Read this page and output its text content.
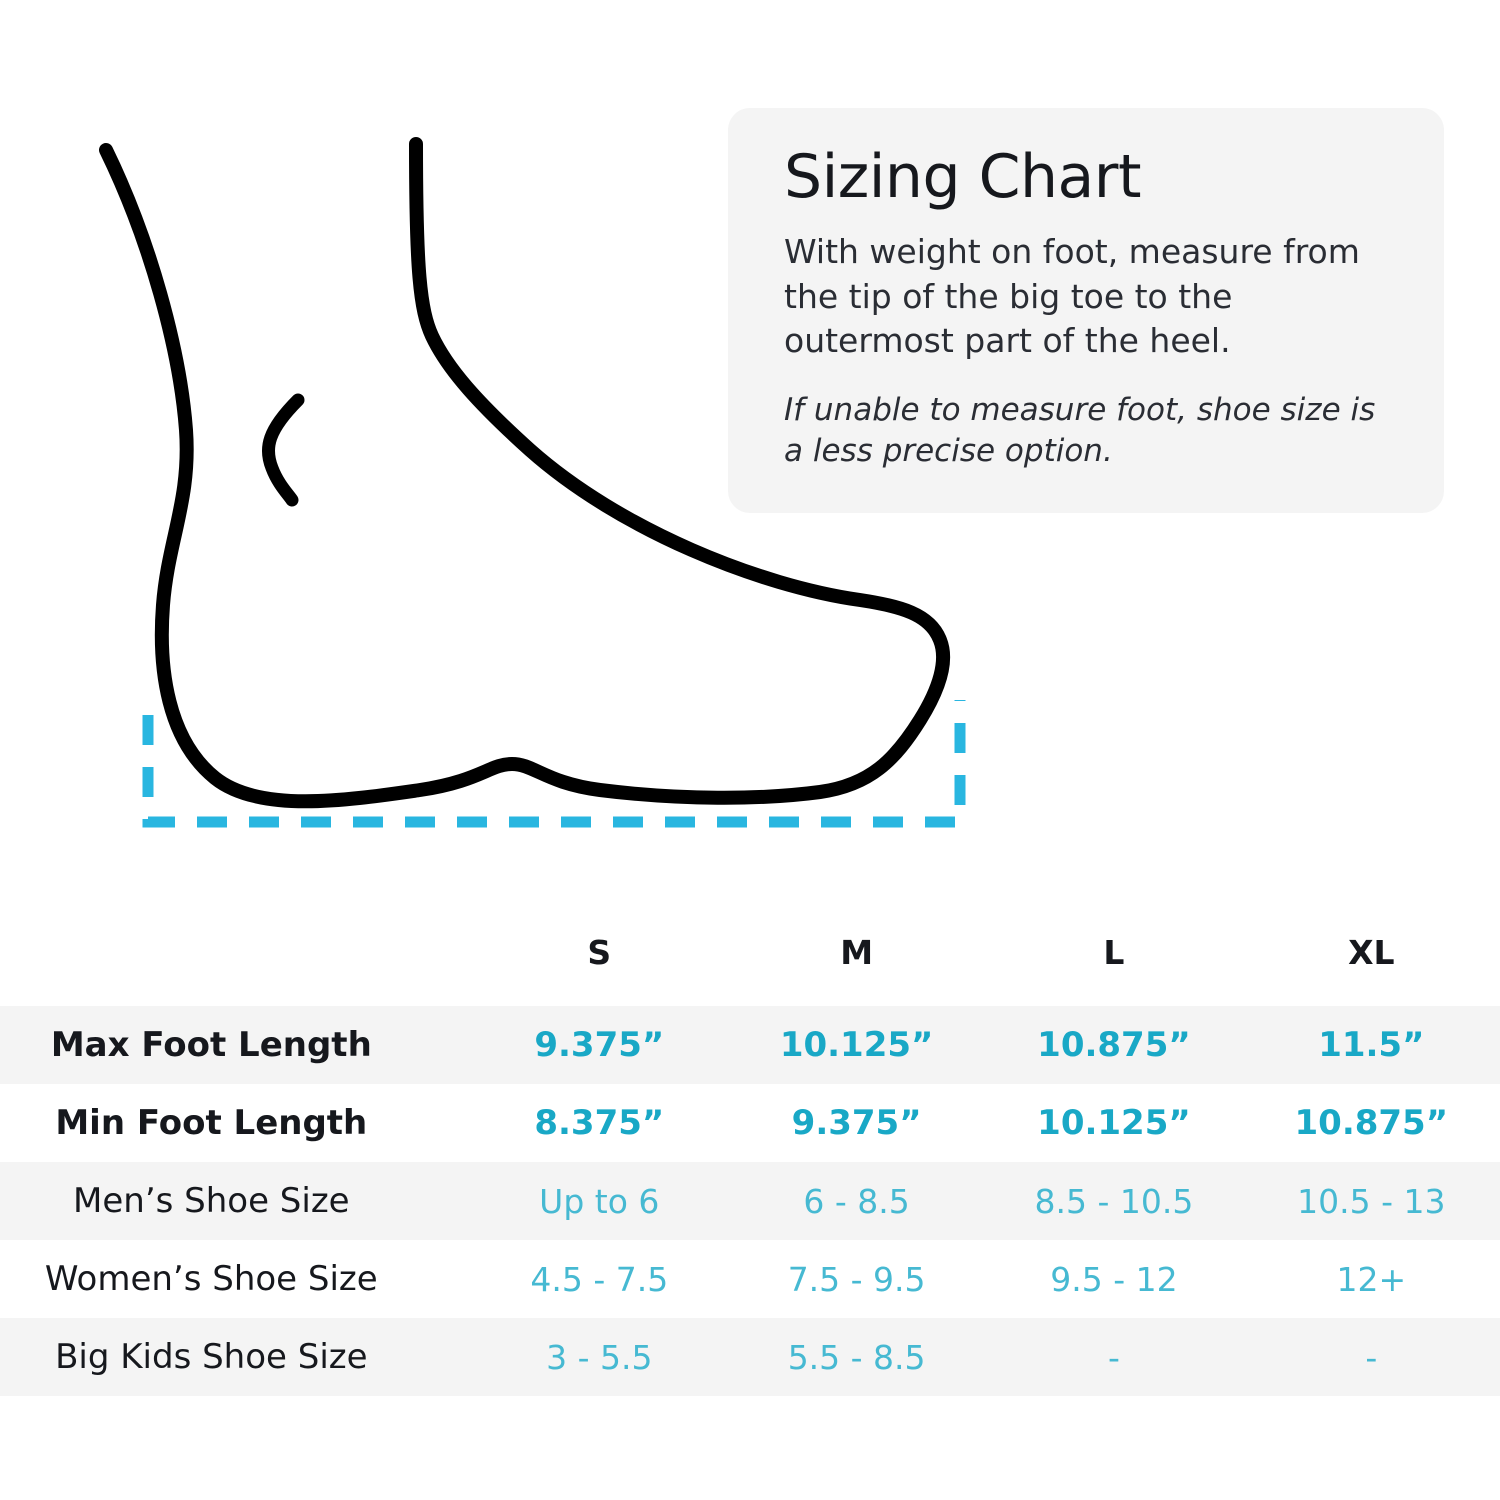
Sizing Chart

With weight on foot, measure from the tip of the big toe to the outermost part of the heel.

If unable to measure foot, shoe size is a less precise option.

	S	M	L	XL
Max Foot Length	9.375”	10.125”	10.875”	11.5”
Min Foot Length	8.375”	9.375”	10.125”	10.875”
Men’s Shoe Size	Up to 6	6 - 8.5	8.5 - 10.5	10.5 - 13
Women’s Shoe Size	4.5 - 7.5	7.5 - 9.5	9.5 - 12	12+
Big Kids Shoe Size	3 - 5.5	5.5 - 8.5	-	-
